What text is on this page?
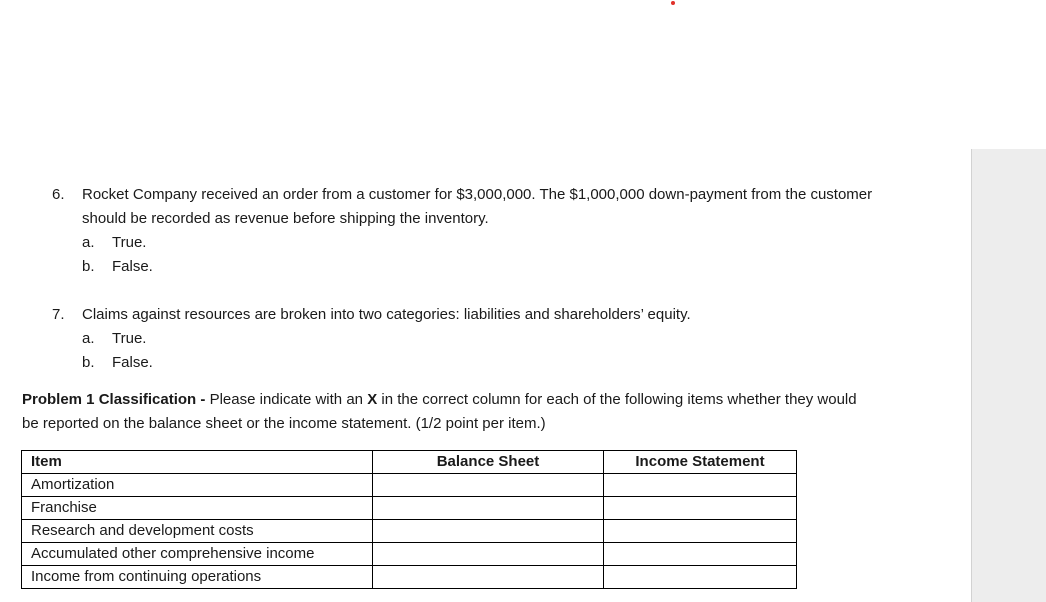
6. Rocket Company received an order from a customer for $3,000,000. The $1,000,000 down-payment from the customer should be recorded as revenue before shipping the inventory.
a. True.
b. False.
7. Claims against resources are broken into two categories: liabilities and shareholders’ equity.
a. True.
b. False.
Problem 1 Classification - Please indicate with an X in the correct column for each of the following items whether they would be reported on the balance sheet or the income statement. (1/2 point per item.)
Item	Balance Sheet	Income Statement
Amortization		
Franchise		
Research and development costs		
Accumulated other comprehensive income		
Income from continuing operations		
